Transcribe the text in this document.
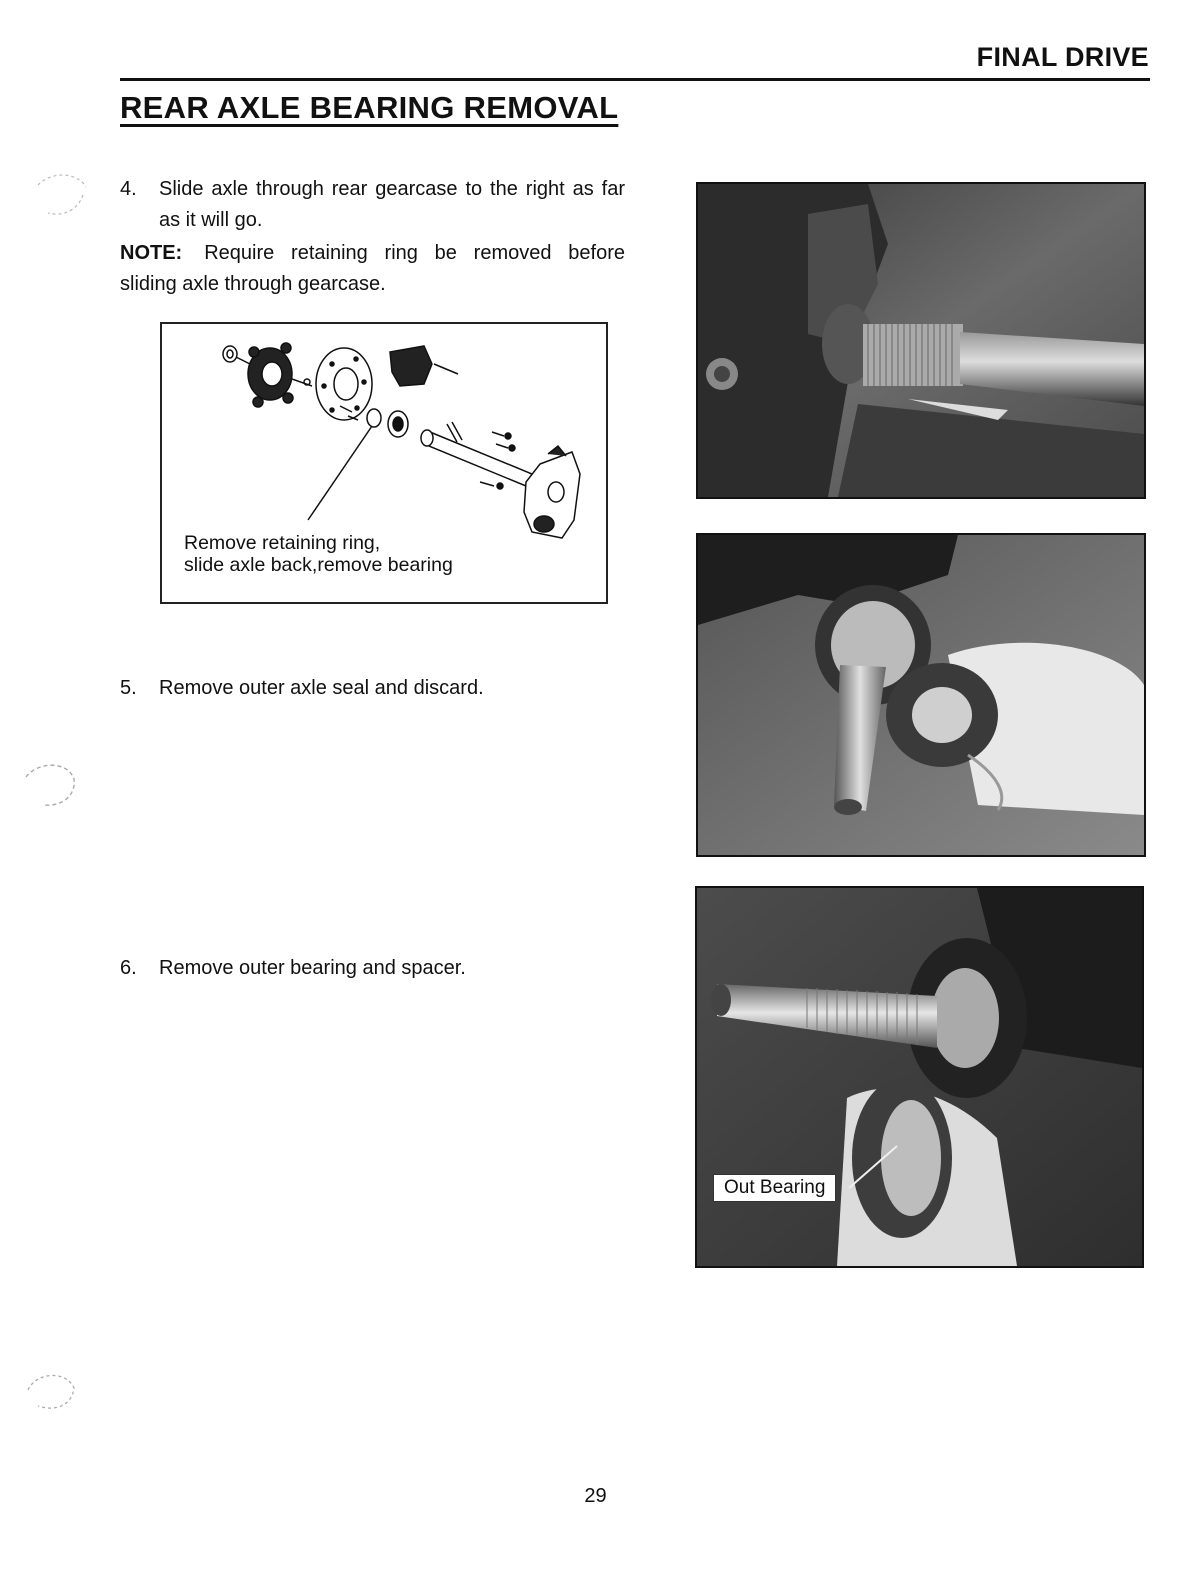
FINAL DRIVE
REAR AXLE BEARING REMOVAL
4.	Slide axle through rear gearcase to the right as far as it will go.
NOTE: Require retaining ring be removed before sliding axle through gearcase.
Remove retaining ring,
slide axle back,remove bearing
5.	Remove outer axle seal and discard.
6.	Remove outer bearing and spacer.
Out Bearing
29
